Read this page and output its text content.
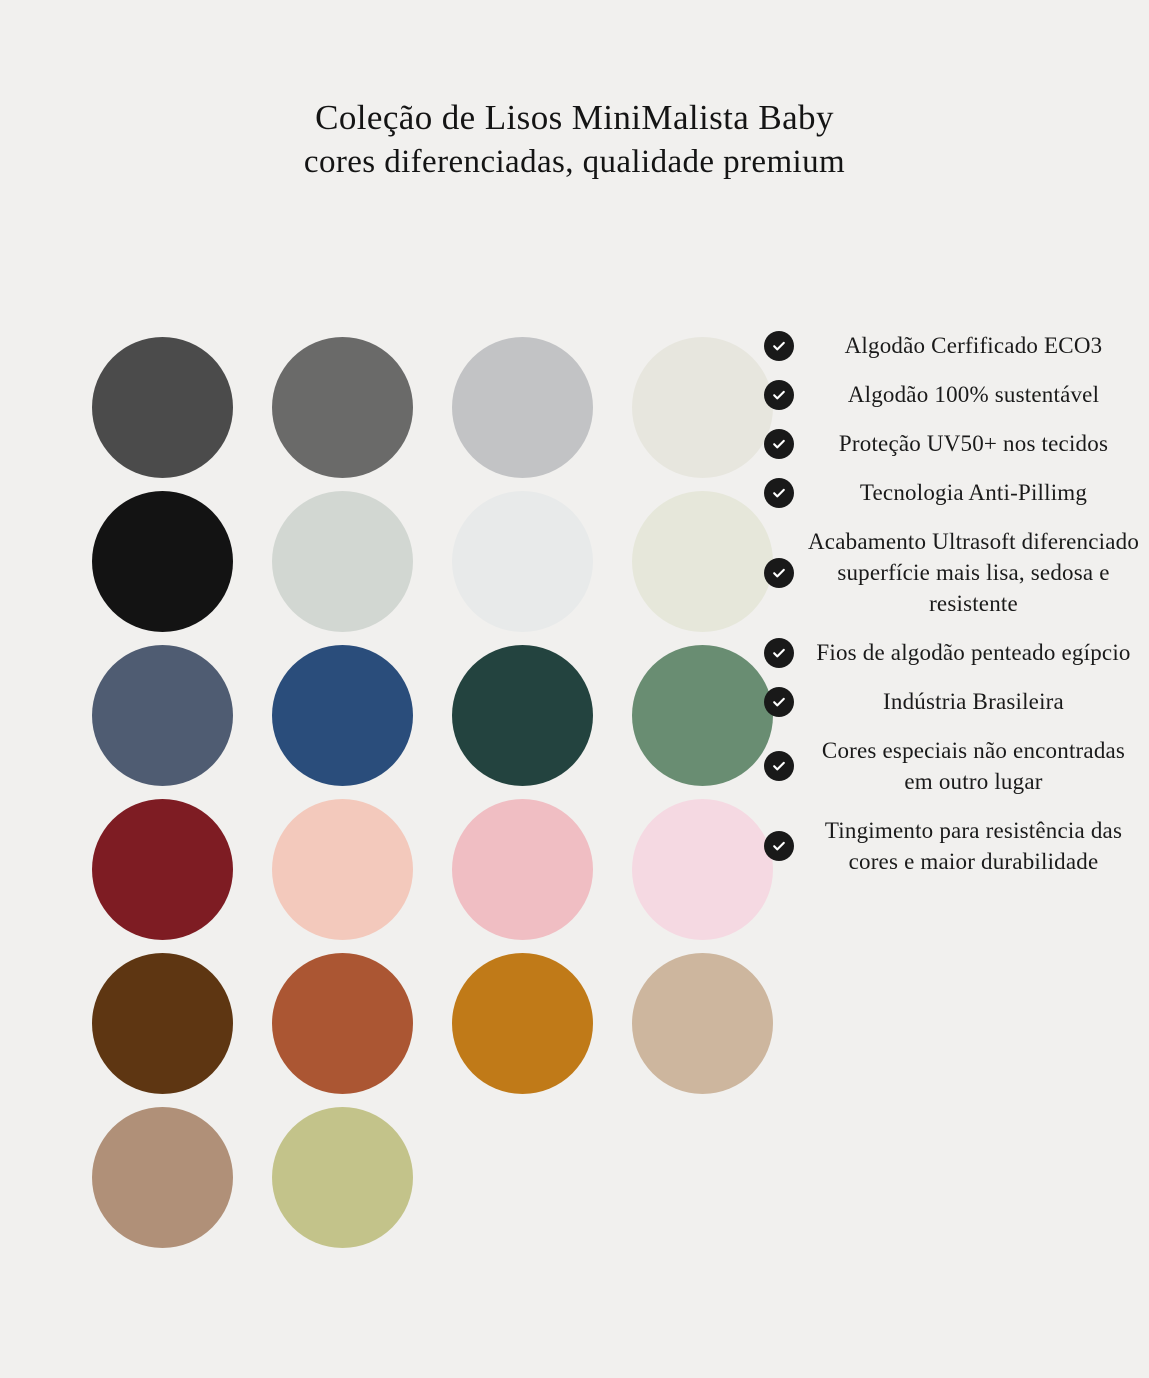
Coleção de Lisos MiniMalista Baby
cores diferenciadas, qualidade premium
Algodão Cerfificado ECO3
Algodão 100% sustentável
Proteção UV50+ nos tecidos
Tecnologia Anti-Pillimg
Acabamento Ultrasoft diferenciado superfície mais lisa, sedosa e resistente
Fios de algodão penteado egípcio
Indústria Brasileira
Cores especiais não encontradas em outro lugar
Tingimento para resistência das cores e maior durabilidade
